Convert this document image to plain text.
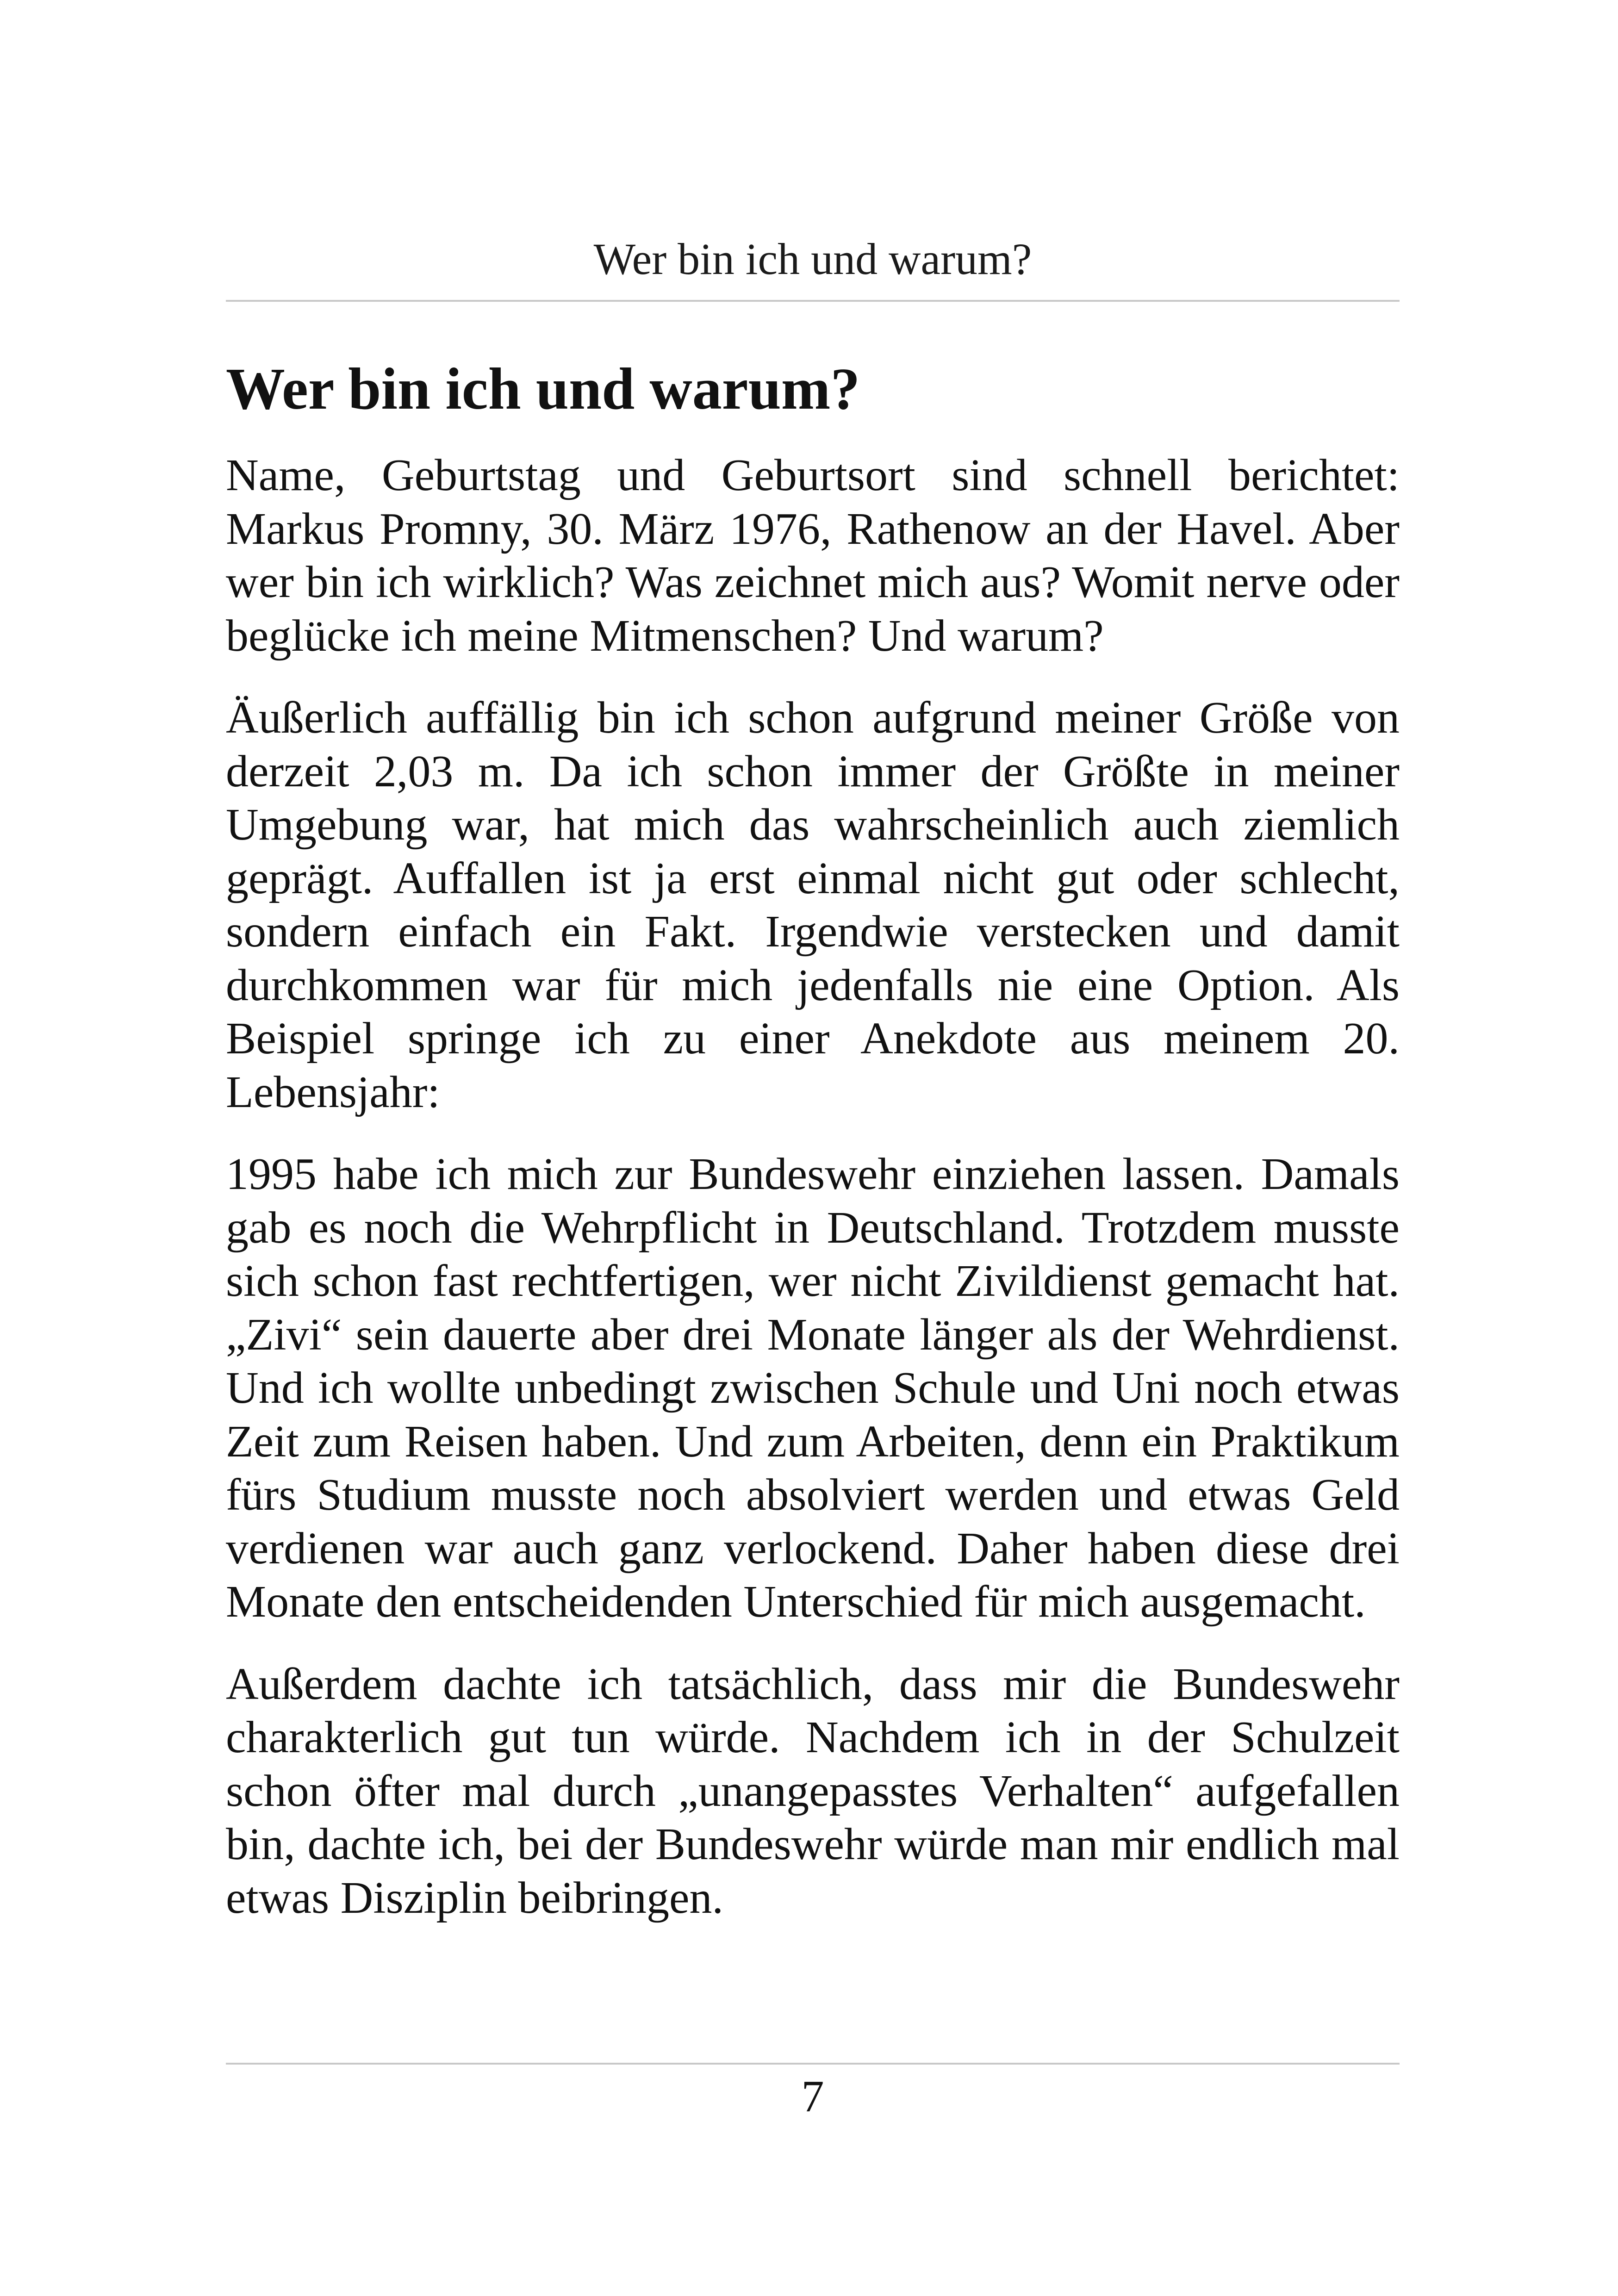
Wer bin ich und warum?
Wer bin ich und warum?

Name, Geburtstag und Geburtsort sind schnell berichtet: Markus Promny, 30. März 1976, Rathenow an der Havel. Aber wer bin ich wirklich? Was zeichnet mich aus? Womit nerve oder beglücke ich meine Mitmenschen? Und warum?

Äußerlich auffällig bin ich schon aufgrund meiner Größe von derzeit 2,03 m. Da ich schon immer der Größte in meiner Umgebung war, hat mich das wahrscheinlich auch ziemlich geprägt. Auffallen ist ja erst einmal nicht gut oder schlecht, sondern einfach ein Fakt. Irgendwie verstecken und damit durchkommen war für mich jedenfalls nie eine Option. Als Beispiel springe ich zu einer Anekdote aus meinem 20. Lebensjahr:

1995 habe ich mich zur Bundeswehr einziehen lassen. Damals gab es noch die Wehrpflicht in Deutschland. Trotzdem musste sich schon fast rechtfertigen, wer nicht Zivildienst gemacht hat. „Zivi“ sein dauerte aber drei Monate länger als der Wehrdienst. Und ich wollte unbedingt zwischen Schule und Uni noch etwas Zeit zum Reisen haben. Und zum Arbeiten, denn ein Praktikum fürs Studium musste noch absolviert werden und etwas Geld verdienen war auch ganz verlockend. Daher haben diese drei Monate den entscheidenden Unterschied für mich ausgemacht.

Außerdem dachte ich tatsächlich, dass mir die Bundeswehr charakterlich gut tun würde. Nachdem ich in der Schulzeit schon öfter mal durch „unangepasstes Verhalten“ aufgefallen bin, dachte ich, bei der Bundeswehr würde man mir endlich mal etwas Disziplin beibringen.

7
